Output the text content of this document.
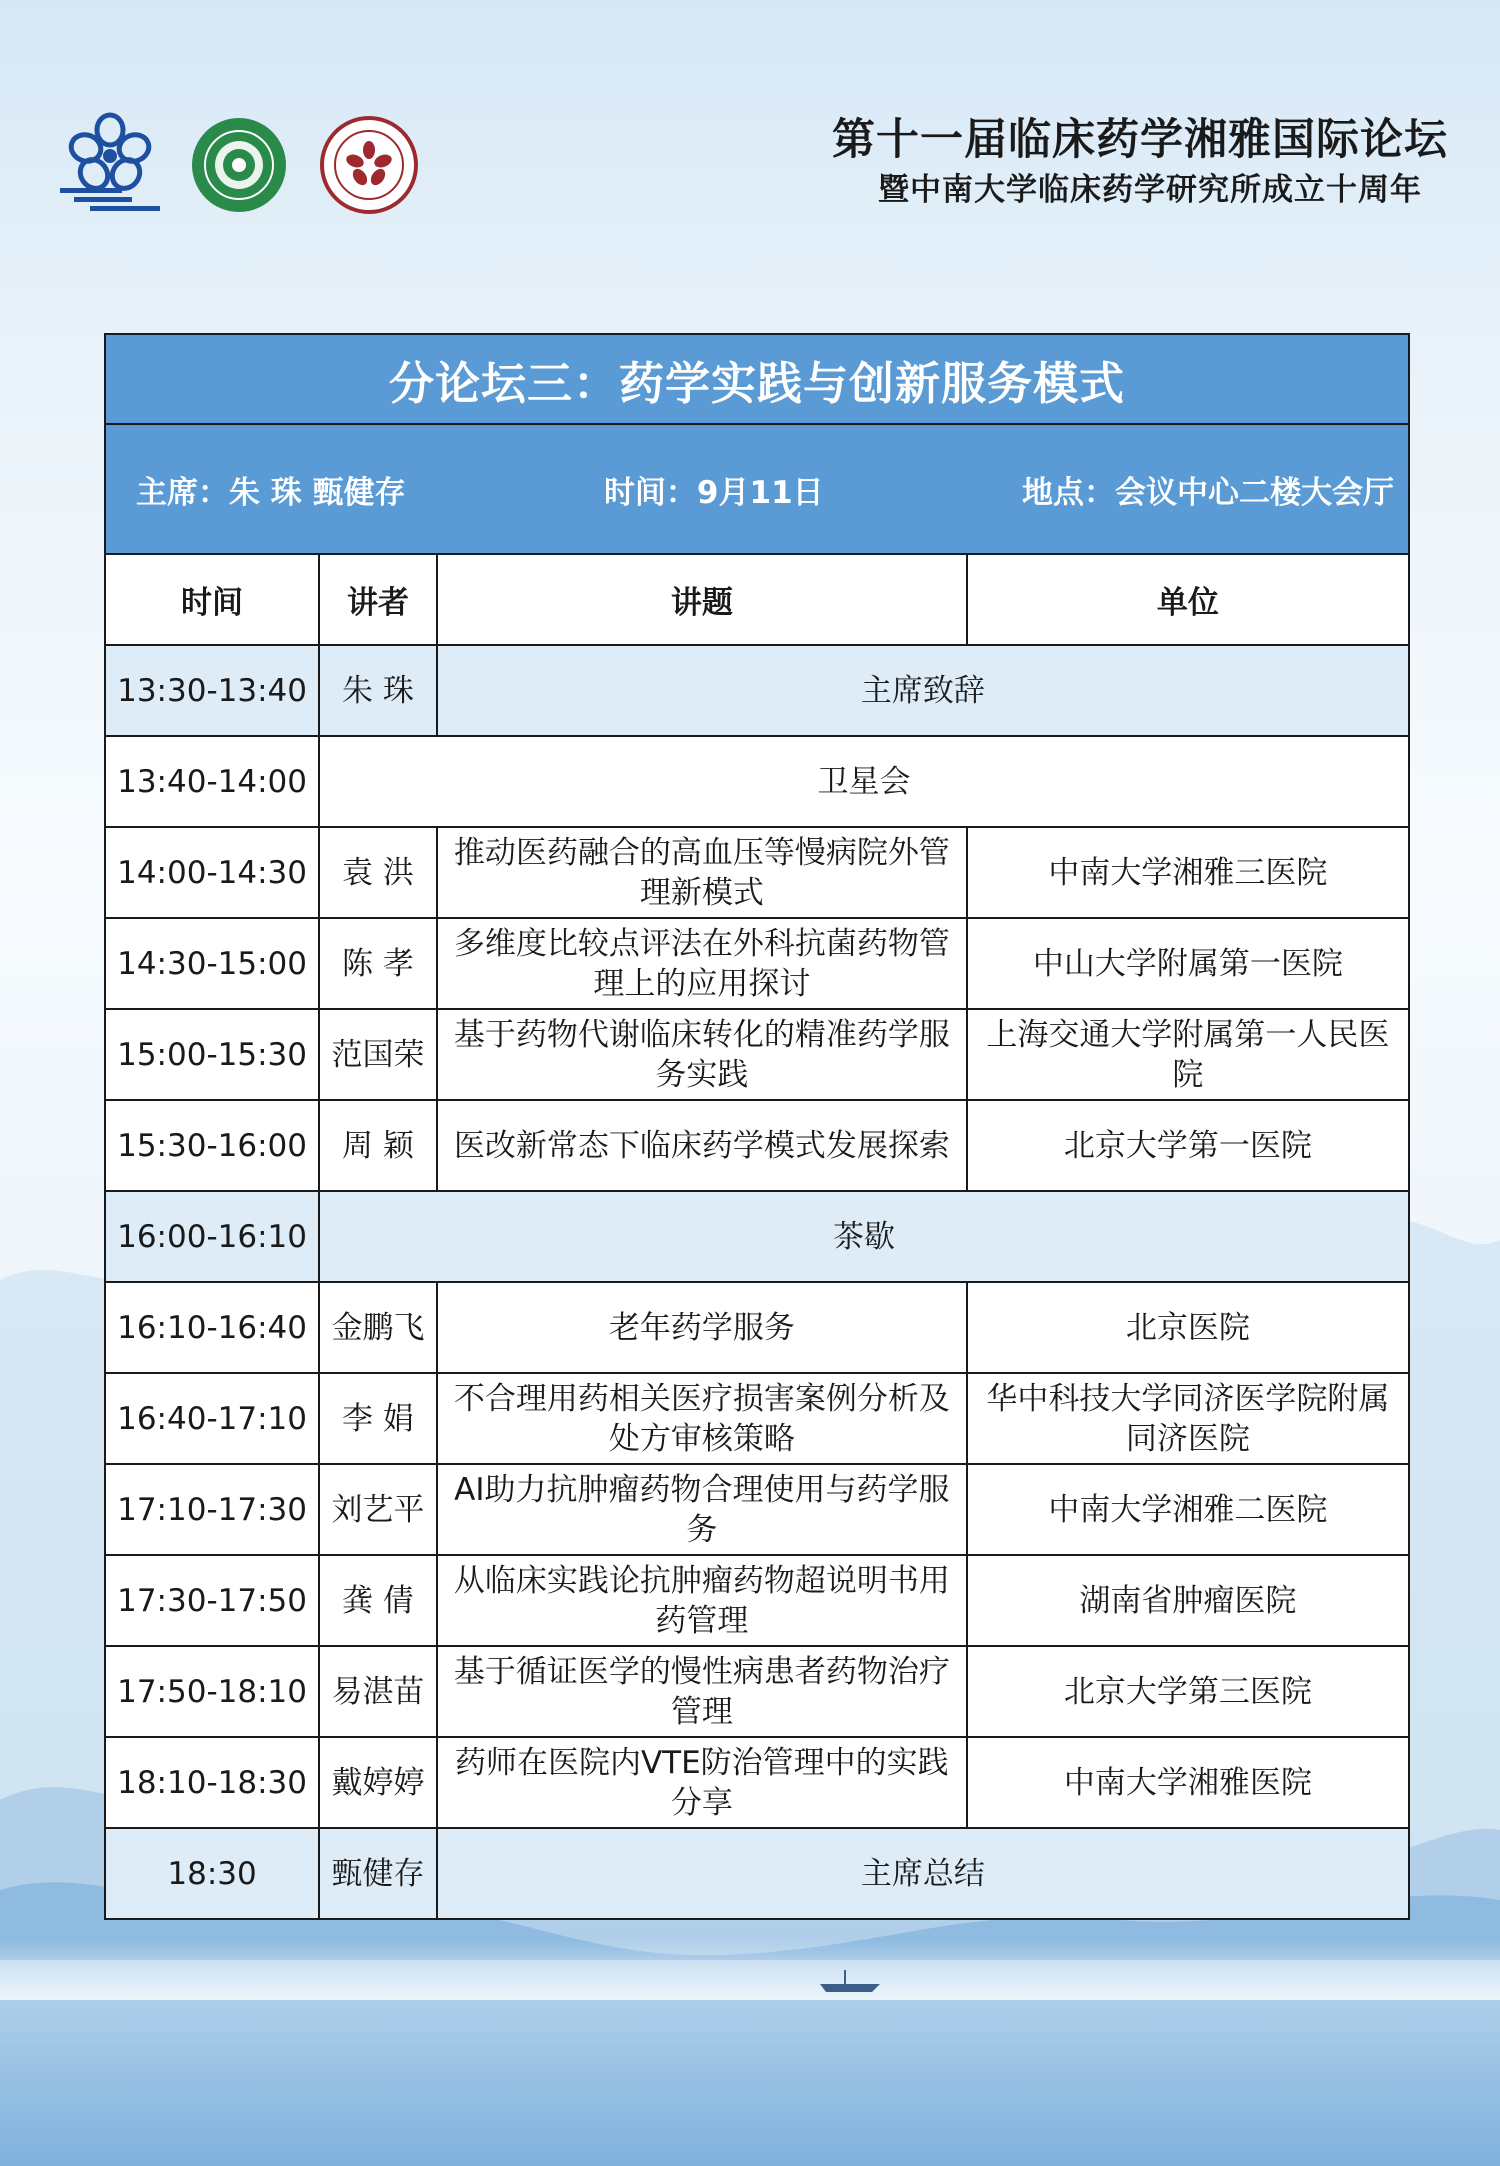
第十一届临床药学湘雅国际论坛
暨中南大学临床药学研究所成立十周年
分论坛三：药学实践与创新服务模式			

主席：朱 珠 甄健存 时间：9月11日 地点：会议中心二楼大会厅			

时间	讲者	讲题	单位
13:30-13:40	朱 珠	主席致辞	
13:40-14:00	卫星会		
14:00-14:30	袁 洪	推动医药融合的高血压等慢病院外管理新模式	中南大学湘雅三医院
14:30-15:00	陈 孝	多维度比较点评法在外科抗菌药物管理上的应用探讨	中山大学附属第一医院
15:00-15:30	范国荣	基于药物代谢临床转化的精准药学服务实践	上海交通大学附属第一人民医院
15:30-16:00	周 颖	医改新常态下临床药学模式发展探索	北京大学第一医院
16:00-16:10	茶歇		
16:10-16:40	金鹏飞	老年药学服务	北京医院
16:40-17:10	李 娟	不合理用药相关医疗损害案例分析及处方审核策略	华中科技大学同济医学院附属同济医院
17:10-17:30	刘艺平	AI助力抗肿瘤药物合理使用与药学服务	中南大学湘雅二医院
17:30-17:50	龚 倩	从临床实践论抗肿瘤药物超说明书用药管理	湖南省肿瘤医院
17:50-18:10	易湛苗	基于循证医学的慢性病患者药物治疗管理	北京大学第三医院
18:10-18:30	戴婷婷	药师在医院内VTE防治管理中的实践分享	中南大学湘雅医院
18:30	甄健存	主席总结	
